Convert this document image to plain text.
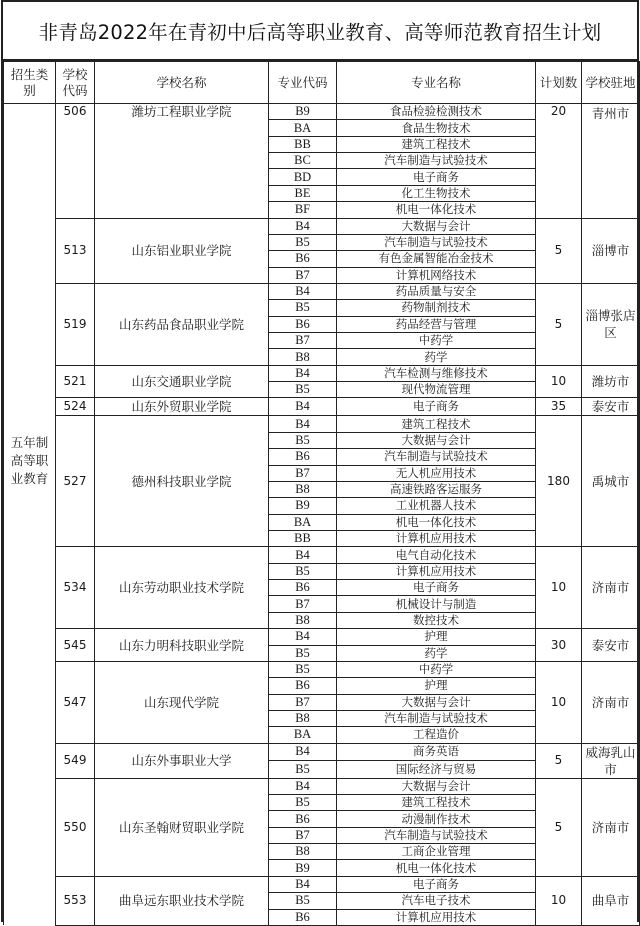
非青岛2022年在青初中后高等职业教育、高等师范教育招生计划
招生类别	学校代码	学校名称	专业代码	专业名称	计划数	学校驻地
五年制高等职业教育	506	潍坊工程职业学院	B9	食品检验检测技术	20	青州市
			BA	食品生物技术		
			BB	建筑工程技术		
			BC	汽车制造与试验技术		
			BD	电子商务		
			BE	化工生物技术		
			BF	机电一体化技术		
	513	山东铝业职业学院	B4	大数据与会计	5	淄博市
			B5	汽车制造与试验技术		
			B6	有色金属智能冶金技术		
			B7	计算机网络技术		
	519	山东药品食品职业学院	B4	药品质量与安全	5	淄博张店区
			B5	药物制剂技术		
			B6	药品经营与管理		
			B7	中药学		
			B8	药学		
	521	山东交通职业学院	B4	汽车检测与维修技术	10	潍坊市
			B5	现代物流管理		
	524	山东外贸职业学院	B4	电子商务	35	泰安市
	527	德州科技职业学院	B4	建筑工程技术	180	禹城市
			B5	大数据与会计		
			B6	汽车制造与试验技术		
			B7	无人机应用技术		
			B8	高速铁路客运服务		
			B9	工业机器人技术		
			BA	机电一体化技术		
			BB	计算机应用技术		
	534	山东劳动职业技术学院	B4	电气自动化技术	10	济南市
			B5	计算机应用技术		
			B6	电子商务		
			B7	机械设计与制造		
			B8	数控技术		
	545	山东力明科技职业学院	B4	护理	30	泰安市
			B5	药学		
	547	山东现代学院	B5	中药学	10	济南市
			B6	护理		
			B7	大数据与会计		
			B8	汽车制造与试验技术		
			BA	工程造价		
	549	山东外事职业大学	B4	商务英语	5	威海乳山市
			B5	国际经济与贸易		
	550	山东圣翰财贸职业学院	B4	大数据与会计	5	济南市
			B5	建筑工程技术		
			B6	动漫制作技术		
			B7	汽车制造与试验技术		
			B8	工商企业管理		
			B9	机电一体化技术		
	553	曲阜远东职业技术学院	B4	电子商务	10	曲阜市
			B5	汽车电子技术		
			B6	计算机应用技术		
